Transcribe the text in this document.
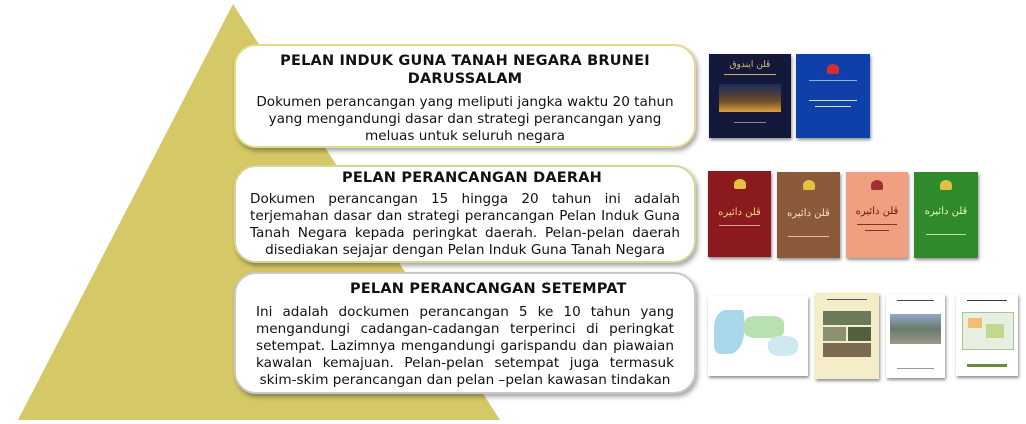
PELAN INDUK GUNA TANAH NEGARA BRUNEI DARUSSALAM

Dokumen perancangan yang meliputi jangka waktu 20 tahun yang mengandungi dasar dan strategi perancangan yang meluas untuk seluruh negara

PELAN PERANCANGAN DAERAH

Dokumen perancangan 15 hingga 20 tahun ini adalah terjemahan dasar dan strategi perancangan Pelan Induk Guna Tanah Negara kepada peringkat daerah. Pelan-pelan daerah disediakan sejajar dengan Pelan Induk Guna Tanah Negara

PELAN PERANCANGAN SETEMPAT

Ini adalah dockumen perancangan 5 ke 10 tahun yang mengandungi cadangan-cadangan terperinci di peringkat setempat. Lazimnya mengandungi garispandu dan piawaian kawalan kemajuan. Pelan-pelan setempat juga termasuk skim-skim perancangan dan pelan –pelan kawasan tindakan

ﭬﻠﻦ ﺍﻳﻨﺪﻭﻕ
ﭬﻠﻦ ﺩﺍﺋﻴﺮﻩ	ﭬﻠﻦ ﺩﺍﺋﻴﺮﻩ	ﭬﻠﻦ ﺩﺍﺋﻴﺮﻩ	ﭬﻠﻦ ﺩﺍﺋﻴﺮﻩ
